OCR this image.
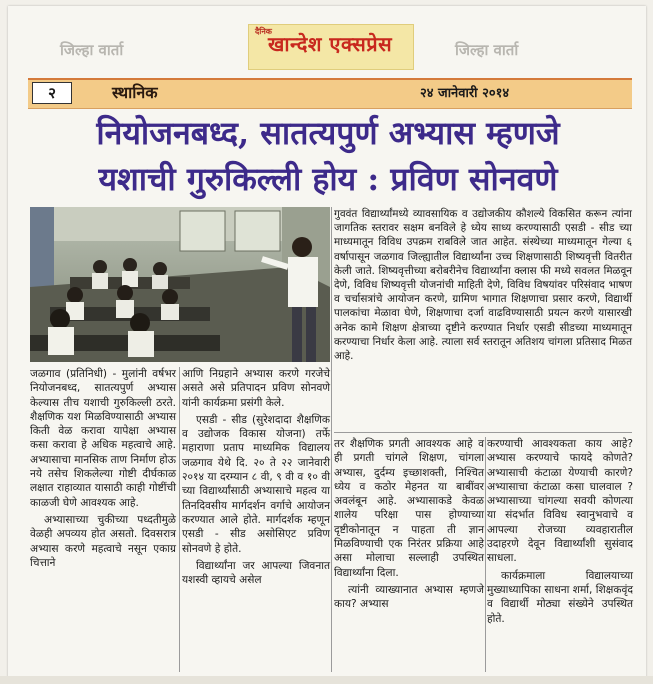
जिल्हा वार्ता	जिल्हा वार्ता
दैनिक
खान्देश एक्सप्रेस
२	स्थानिक	२४ जानेवारी २०१४
नियोजनबध्द, सातत्यपुर्ण अभ्यास म्हणजे
यशाची गुरुकिल्ली होय : प्रविण सोनवणे
गुववंत विद्यार्थ्यांमध्ये व्यावसायिक व उद्योजकीय कौशल्ये विकसित करून त्यांना जागतिक स्तरावर सक्षम बनविले हे ध्येय साध्य करण्यासाठी एसडी - सीड च्या माध्यमातून विविध उपक्रम राबविले जात आहेत. संस्थेच्या माध्यमातून गेल्या ६ वर्षापासून जळगाव जिल्ह्यातील विद्यार्थ्यांना उच्च शिक्षणासाठी शिष्यवृत्ती वितरीत केली जाते. शिष्यवृत्तीच्या बरोबरीनेच विद्यार्थ्यांना क्लास फी मध्ये सवलत मिळवून देणे, विविध शिष्यवृत्ती योजनांची माहिती देणे, विविध विषयांवर परिसंवाद भाषण व चर्चासत्रांचे आयोजन करणे, ग्रामिण भागात शिक्षणाचा प्रसार करणे, विद्यार्थी पालकांचा मेळावा घेणे, शिक्षणाचा दर्जा वाढविण्यासाठी प्रयत्न करणे यासारखी अनेक कामे शिक्षण क्षेत्राच्या दृष्टीने करण्यात निर्धार एसडी सीडच्या माध्यमातून करण्याचा निर्धार केला आहे. त्याला सर्व स्तरातून अतिशय चांगला प्रतिसाद मिळत आहे.
जळगाव (प्रतिनिधी) - मुलांनी वर्षभर नियोजनबध्द, सातत्यपुर्ण अभ्यास केल्यास तीच यशाची गुरुकिल्ली ठरते. शैक्षणिक यश मिळविण्यासाठी अभ्यास किती वेळ करावा यापेक्षा अभ्यास कसा करावा हे अधिक महत्वाचे आहे. अभ्यासाचा मानसिक ताण निर्माण होऊ नये तसेच शिकलेल्या गोष्टी दीर्घकाळ लक्षात राहाव्यात यासाठी काही गोष्टींची काळजी घेणे आवश्यक आहे.
अभ्यासाच्या चुकीच्या पध्दतीमुळे वेळही अपव्यय होत असतो. दिवसरात्र अभ्यास करणे महत्वाचे नसून एकाग्र चित्ताने
आणि निग्रहाने अभ्यास करणे गरजेचे असते असे प्रतिपादन प्रविण सोनवणे यांनी कार्यक्रमा प्रसंगी केले.
एसडी - सीड (सुरेशदादा शैक्षणिक व उद्योजक विकास योजना) तर्फे महाराणा प्रताप माध्यमिक विद्यालय जळगाव येथे दि. २० ते २२ जानेवारी २०१४ या दरम्यान ८ वी, ९ वी व १० वी च्या विद्यार्थ्यांसाठी अभ्यासाचे महत्व या तिनदिवसीय मार्गदर्शन वर्गाचे आयोजन करण्यात आले होते. मार्गदर्शक म्हणून एसडी - सीड असोसिएट प्रविण सोनवणे हे होते.
विद्यार्थ्यांना जर आपल्या जिवनात यशस्वी व्हायचे असेल
तर शैक्षणिक प्रगती आवश्यक आहे व ही प्रगती चांगले शिक्षण, चांगला अभ्यास, दुर्दम्य इच्छाशक्ती, निश्चित ध्येय व कठोर मेहनत या बाबींवर अवलंबून आहे. अभ्यासाकडे केवळ शालेय परिक्षा पास होण्याच्या दृष्टीकोनातून न पाहता ती ज्ञान मिळविण्याची एक निरंतर प्रक्रिया आहे असा मोलाचा सल्लाही उपस्थित विद्यार्थ्यांना दिला.
त्यांनी व्याख्यानात अभ्यास म्हणजे काय? अभ्यास
करण्याची आवश्यकता काय आहे? अभ्यास करण्याचे फायदे कोणते? अभ्यासाची कंटाळा येण्याची कारणे? अभ्यासाचा कंटाळा कसा घालवाल ? अभ्यासाच्या चांगल्या सवयी कोणत्या या संदर्भात विविध स्वानुभवाचे व आपल्या रोजच्या व्यवहारातील उदाहरणे देवून विद्यार्थ्यांशी सुसंवाद साधला.
कार्यक्रमाला विद्यालयाच्या मुख्याध्यापिका साधना शर्मा, शिक्षकवृंद व विद्यार्थी मोठ्या संख्येने उपस्थित होते.
